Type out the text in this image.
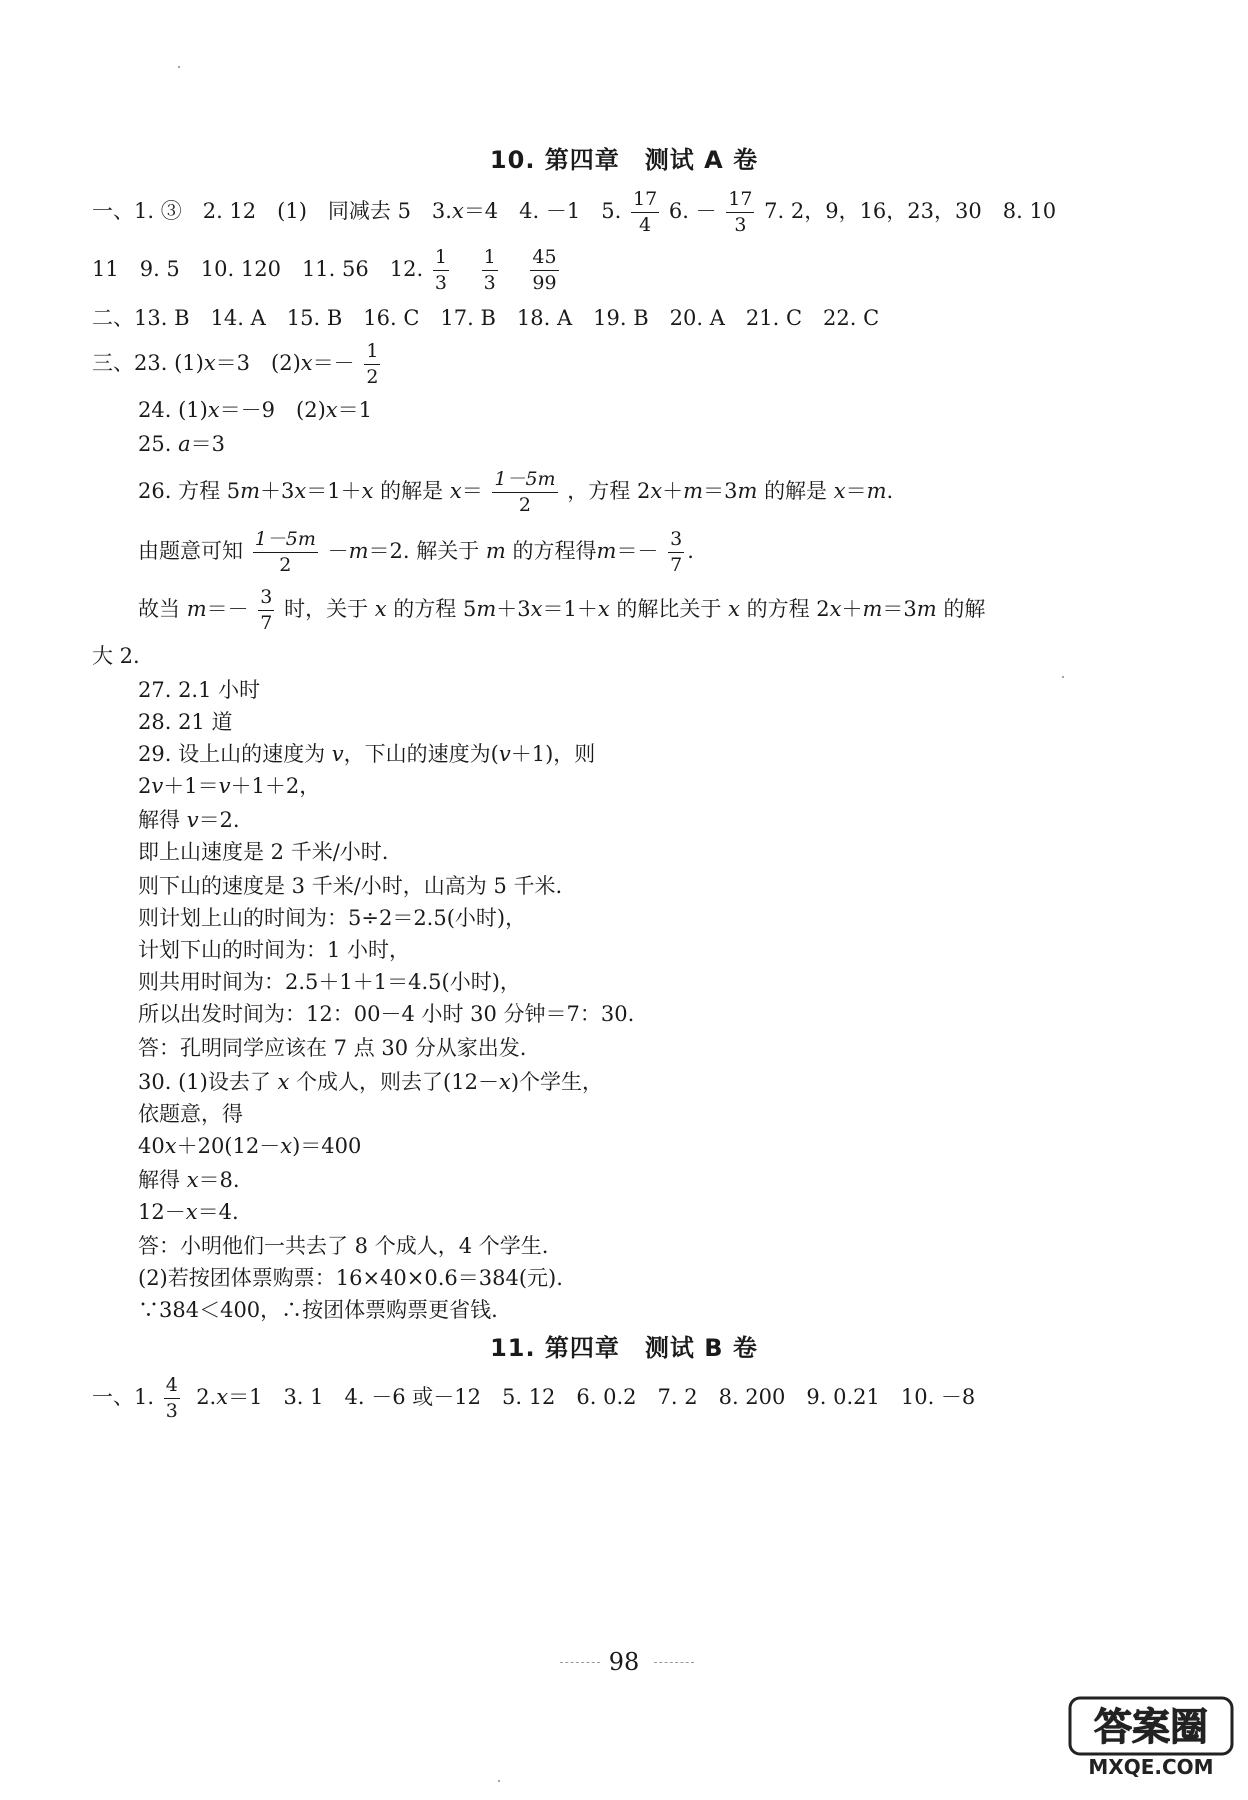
10. 第四章　测试 A 卷
一、1. ③　2. 12　(1)　同减去 5　3.x＝4　4. －1　5. $\frac{17}{4} 6$. － $\frac{17}{3} 7$. 2，9，16，23，30　8. 10
11　9. 5　10. 120　11. 56　12. $\frac{1}{3}$
$\frac{1}{3}$
$\frac{45}{99}$
二、13. B　14. A　15. B　16. C　17. B　18. A　19. B　20. A　21. C　22. C
三、23. (1)x＝3　$(2)x=- \frac{1}{2}$
24. (1)x＝－9　(2)x＝1
25. a＝3
26. 方程 5m＋3x＝1＋x 的解是 $x= \frac{1-5m}{2}$ ，方程 2x＋m＝3m 的解是 x＝m.
由题意可知 $\frac{1-5m}{2} -m=2$. 解关于 m 的方程得$m=- \frac{3}{7}$ .
故当 $m=- \frac{3}{7}$ 时，关于 x 的方程 5m＋3x＝1＋x 的解比关于 x 的方程 2x＋m＝3m 的解
大 2.
27. 2.1 小时
28. 21 道
29. 设上山的速度为 v，下山的速度为(v＋1)，则
2v＋1＝v＋1＋2，
解得 v＝2.
即上山速度是 2 千米/小时.
则下山的速度是 3 千米/小时，山高为 5 千米.
则计划上山的时间为：5÷2＝2.5(小时)，
计划下山的时间为：1 小时，
则共用时间为：2.5＋1＋1＝4.5(小时)，
所以出发时间为：12：00－4 小时 30 分钟＝7：30.
答：孔明同学应该在 7 点 30 分从家出发.
30. (1)设去了 x 个成人，则去了(12－x)个学生，
依题意，得
40x＋20(12－x)＝400
解得 x＝8.
12－x＝4.
答：小明他们一共去了 8 个成人，4 个学生.
(2)若按团体票购票：16×40×0.6＝384(元).
∵384＜400，∴按团体票购票更省钱.
11. 第四章　测试 B 卷
一、1. $\frac{4}{3} 2.x=1$　3. 1　4. －6 或－12　5. 12　6. 0.2　7. 2　8. 200　9. 0.21　10. －8
98
答案圈
MXQE.COM
